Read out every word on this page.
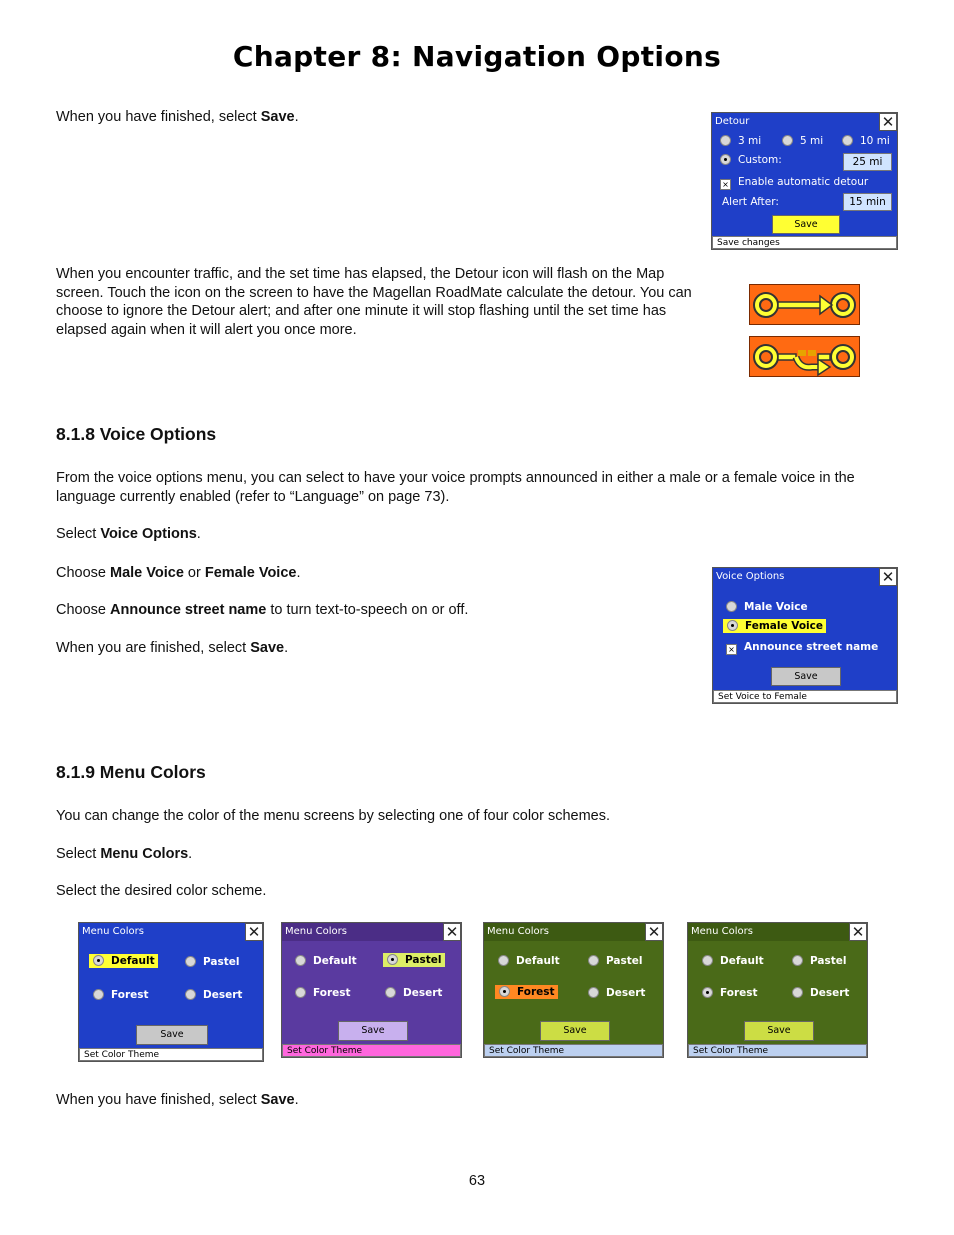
Chapter 8: Navigation Options

When you have finished, select Save.	Detour	✕
3 mi	5 mi	10 mi
Custom:	25 mi
× Enable automatic detour
Alert After:	15 min
Save
Save changes

When you encounter traffic, and the set time has elapsed, the Detour icon will flash on the Map screen. Touch the icon on the screen to have the Magellan RoadMate calculate the detour. You can choose to ignore the Detour alert; and after one minute it will stop flashing until the set time has elapsed again when it will alert you once more.

8.1.8 Voice Options

From the voice options menu, you can select to have your voice prompts announced in either a male or a female voice in the language currently enabled (refer to “Language” on page 73).

Select Voice Options.

Choose Male Voice or Female Voice.

Choose Announce street name to turn text-to-speech on or off.

When you are finished, select Save.

Voice Options	✕
Male Voice
Female Voice
× Announce street name
Save
Set Voice to Female
8.1.9 Menu Colors

You can change the color of the menu screens by selecting one of four color schemes.

Select Menu Colors.

Select the desired color scheme.

Menu Colors	✕
Default	Pastel
Forest	Desert
Save
Set Color Theme
Menu Colors	✕
Default	Pastel
Forest	Desert
Save
Set Color Theme
Menu Colors	✕
Default	Pastel
Forest	Desert
Save
Set Color Theme
Menu Colors	✕
Default	Pastel
Forest	Desert
Save
Set Color Theme

When you have finished, select Save.

63
